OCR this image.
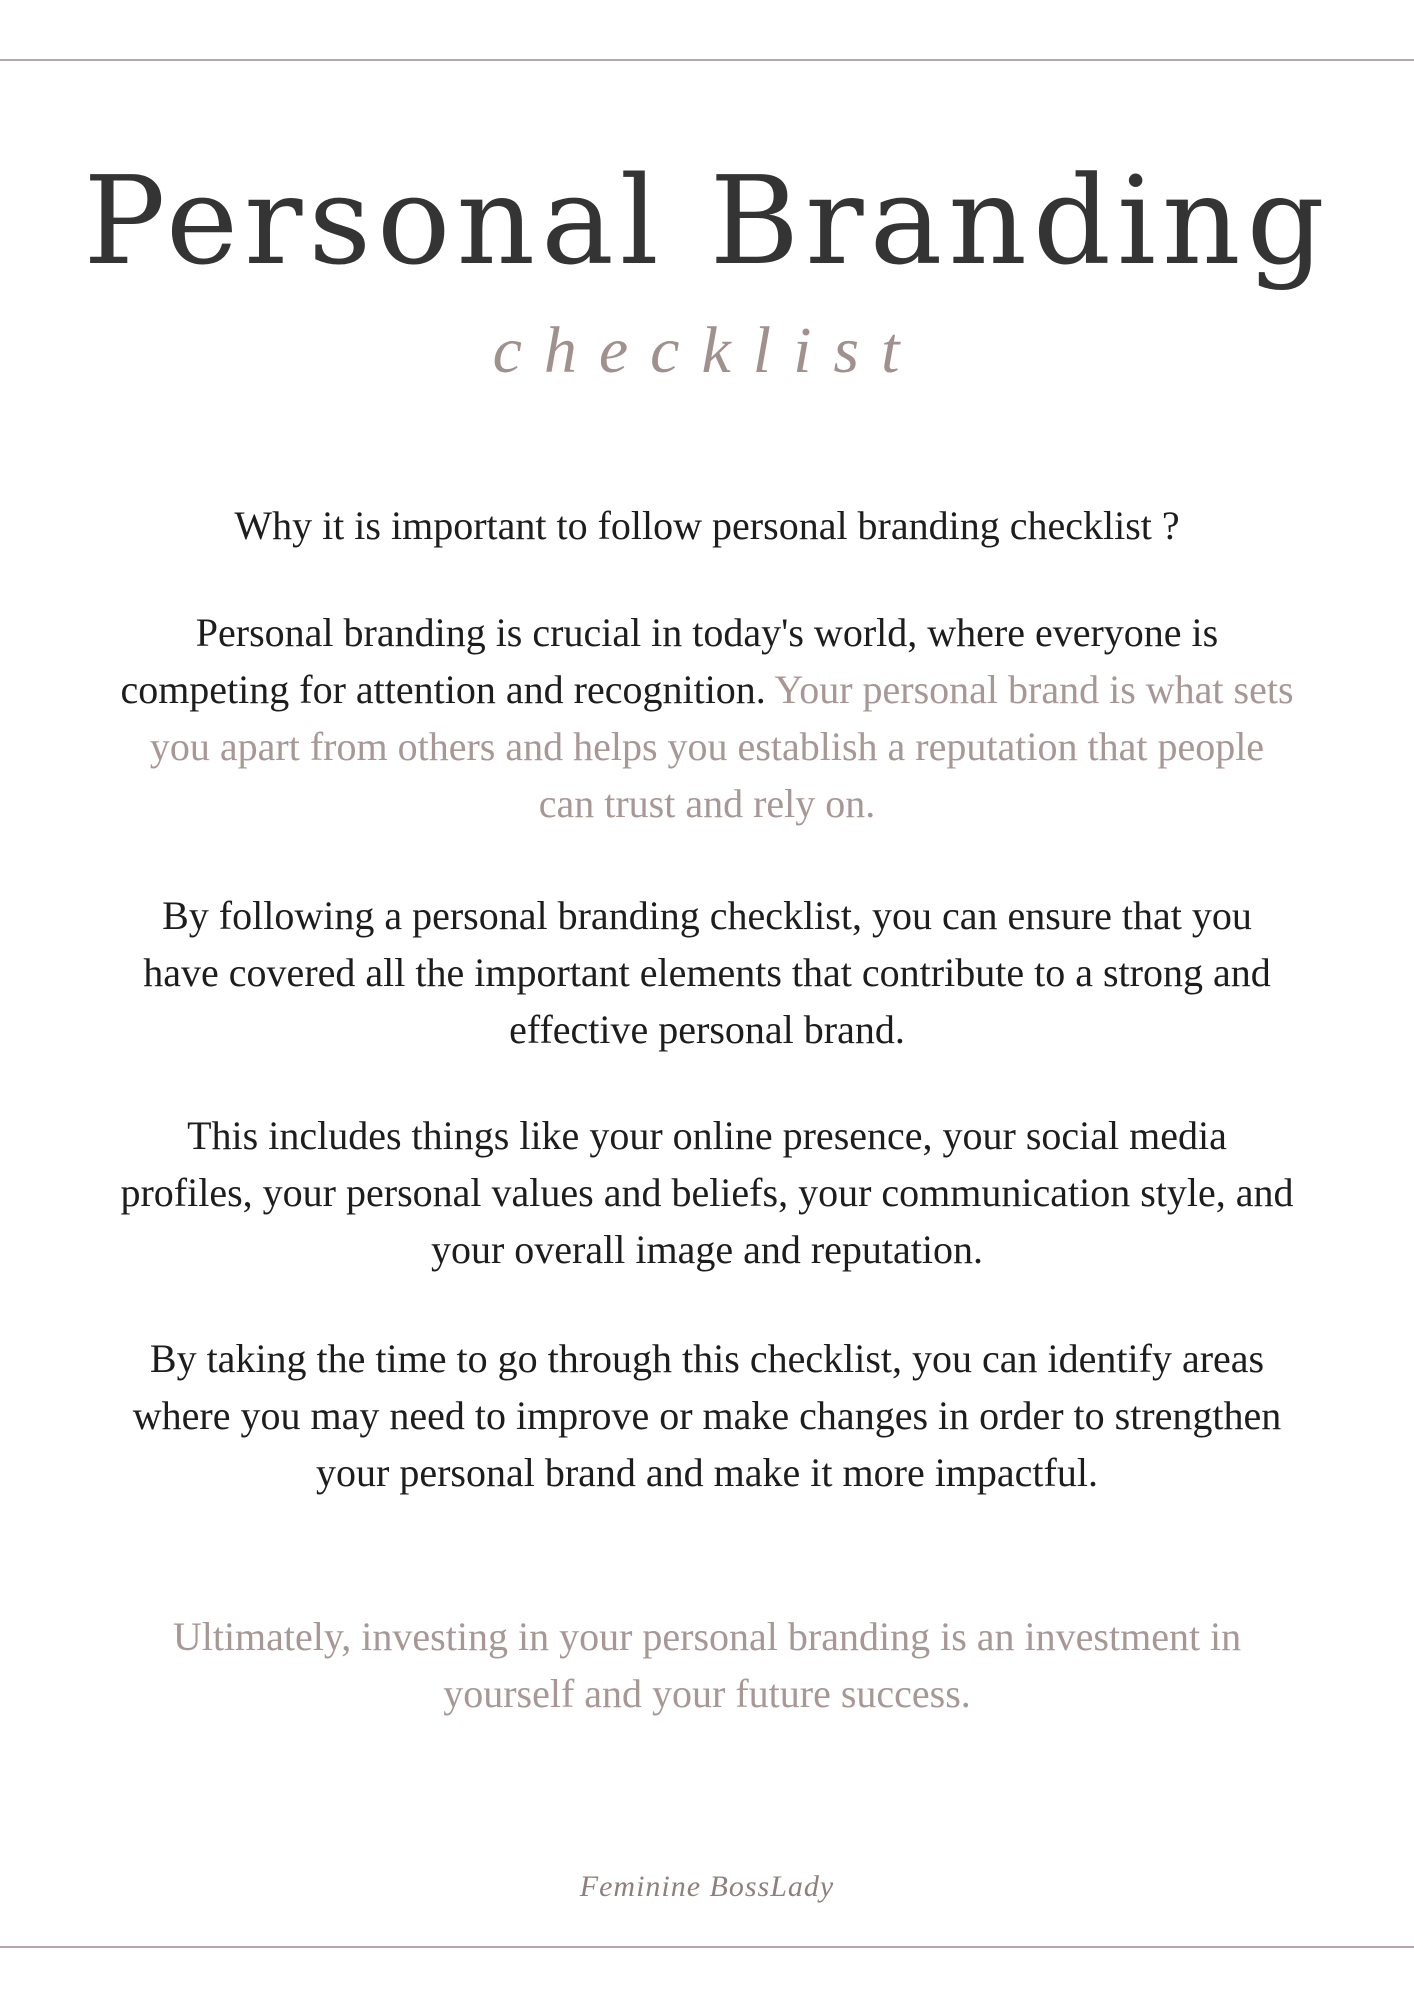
Personal Branding
checklist

Why it is important to follow personal branding checklist ?

Personal branding is crucial in today's world, where everyone is competing for attention and recognition. Your personal brand is what sets you apart from others and helps you establish a reputation that people can trust and rely on.

By following a personal branding checklist, you can ensure that you have covered all the important elements that contribute to a strong and effective personal brand.

This includes things like your online presence, your social media profiles, your personal values and beliefs, your communication style, and your overall image and reputation.

By taking the time to go through this checklist, you can identify areas where you may need to improve or make changes in order to strengthen your personal brand and make it more impactful.

Ultimately, investing in your personal branding is an investment in yourself and your future success.

Feminine BossLady
